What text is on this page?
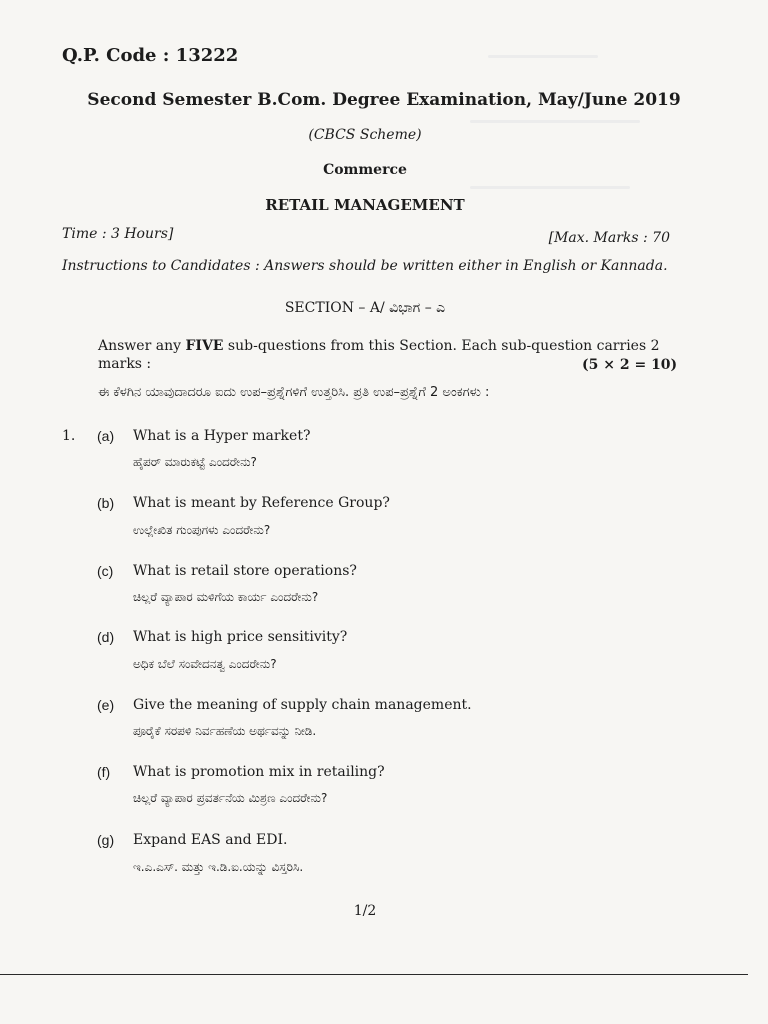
Q.P. Code : 13222
Second Semester B.Com. Degree Examination, May/June 2019
(CBCS Scheme)
Commerce
RETAIL MANAGEMENT
Time : 3 Hours]	[Max. Marks : 70
Instructions to Candidates : Answers should be written either in English or Kannada.
SECTION – A/ ವಿಭಾಗ – ಎ
Answer any FIVE sub-questions from this Section. Each sub-question carries 2 marks :	(5 × 2 = 10)
ಈ ಕೆಳಗಿನ ಯಾವುದಾದರೂ ಐದು ಉಪ–ಪ್ರಶ್ನೆಗಳಿಗೆ ಉತ್ತರಿಸಿ. ಪ್ರತಿ ಉಪ–ಪ್ರಶ್ನೆಗೆ 2 ಅಂಕಗಳು :
1. (a) What is a Hyper market?
ಹೈಪರ್ ಮಾರುಕಟ್ಟೆ ಎಂದರೇನು?
(b) What is meant by Reference Group?
ಉಲ್ಲೇಖಿತ ಗುಂಪುಗಳು ಎಂದರೇನು?
(c) What is retail store operations?
ಚಿಲ್ಲರೆ ವ್ಯಾಪಾರ ಮಳಿಗೆಯ ಕಾರ್ಯ ಎಂದರೇನು?
(d) What is high price sensitivity?
ಅಧಿಕ ಬೆಲೆ ಸಂವೇದನತ್ವ ಎಂದರೇನು?
(e) Give the meaning of supply chain management.
ಪೂರೈಕೆ ಸರಪಳಿ ನಿರ್ವಹಣೆಯ ಅರ್ಥವನ್ನು ನೀಡಿ.
(f) What is promotion mix in retailing?
ಚಿಲ್ಲರೆ ವ್ಯಾಪಾರ ಪ್ರವರ್ತನೆಯ ಮಿಶ್ರಣ ಎಂದರೇನು?
(g) Expand EAS and EDI.
ಇ.ಎ.ಎಸ್. ಮತ್ತು ಇ.ಡಿ.ಐ.ಯನ್ನು ವಿಸ್ತರಿಸಿ.
1/2
